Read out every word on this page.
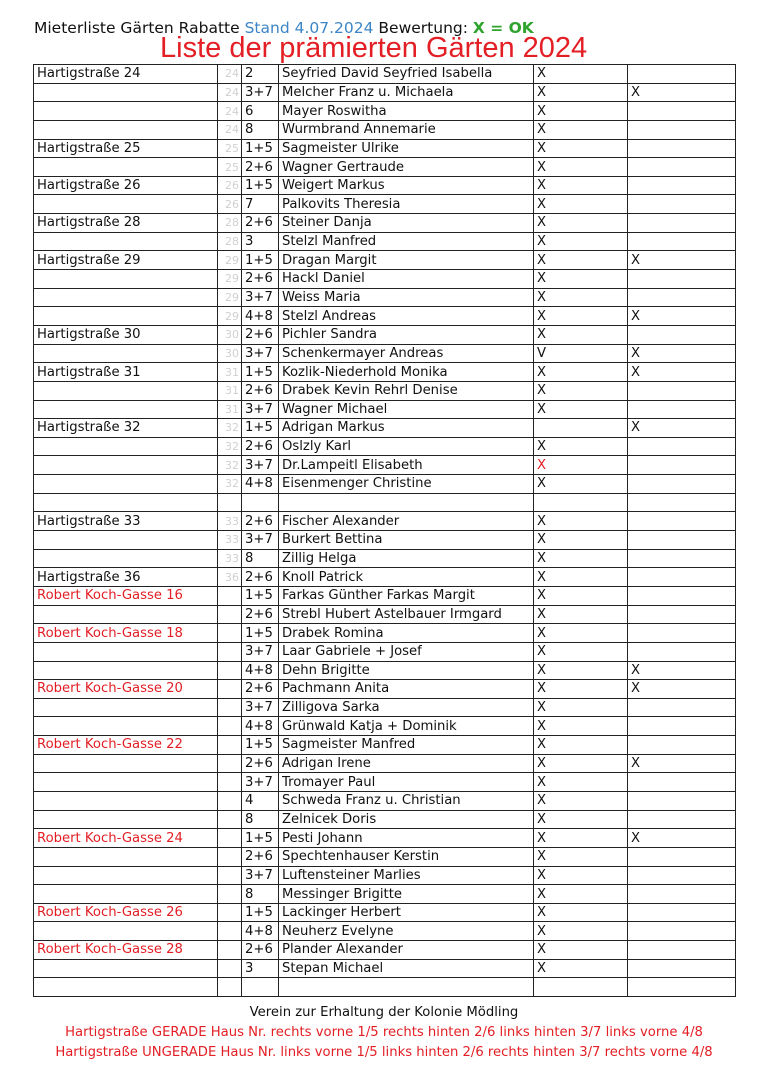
Mieterliste Gärten Rabatte Stand 4.07.2024 Bewertung: X = OK
Liste der prämierten Gärten 2024
Hartigstraße 24	24	2	Seyfried David Seyfried Isabella	X	
	24	3+7	Melcher Franz u. Michaela	X	X
	24	6	Mayer Roswitha	X	
	24	8	Wurmbrand Annemarie	X	
Hartigstraße 25	25	1+5	Sagmeister Ulrike	X	
	25	2+6	Wagner Gertraude	X	
Hartigstraße 26	26	1+5	Weigert Markus	X	
	26	7	Palkovits Theresia	X	
Hartigstraße 28	28	2+6	Steiner Danja	X	
	28	3	Stelzl Manfred	X	
Hartigstraße 29	29	1+5	Dragan Margit	X	X
	29	2+6	Hackl Daniel	X	
	29	3+7	Weiss Maria	X	
	29	4+8	Stelzl Andreas	X	X
Hartigstraße 30	30	2+6	Pichler Sandra	X	
	30	3+7	Schenkermayer Andreas	V	X
Hartigstraße 31	31	1+5	Kozlik-Niederhold Monika	X	X
	31	2+6	Drabek Kevin Rehrl Denise	X	
	31	3+7	Wagner Michael	X	
Hartigstraße 32	32	1+5	Adrigan Markus		X
	32	2+6	Oslzly Karl	X	
	32	3+7	Dr.Lampeitl Elisabeth	X	
	32	4+8	Eisenmenger Christine	X	

Hartigstraße 33	33	2+6	Fischer Alexander	X	
	33	3+7	Burkert Bettina	X	
	33	8	Zillig Helga	X	
Hartigstraße 36	36	2+6	Knoll Patrick	X	
Robert Koch-Gasse 16		1+5	Farkas Günther Farkas Margit	X	
		2+6	Strebl Hubert Astelbauer Irmgard	X	
Robert Koch-Gasse 18		1+5	Drabek Romina	X	
		3+7	Laar Gabriele + Josef	X	
		4+8	Dehn Brigitte	X	X
Robert Koch-Gasse 20		2+6	Pachmann Anita	X	X
		3+7	Zilligova Sarka	X	
		4+8	Grünwald Katja + Dominik	X	
Robert Koch-Gasse 22		1+5	Sagmeister Manfred	X	
		2+6	Adrigan Irene	X	X
		3+7	Tromayer Paul	X	
		4	Schweda Franz u. Christian	X	
		8	Zelnicek Doris	X	
Robert Koch-Gasse 24		1+5	Pesti Johann	X	X
		2+6	Spechtenhauser Kerstin	X	
		3+7	Luftensteiner Marlies	X	
		8	Messinger Brigitte	X	
Robert Koch-Gasse 26		1+5	Lackinger Herbert	X	
		4+8	Neuherz Evelyne	X	
Robert Koch-Gasse 28		2+6	Plander Alexander	X	
		3	Stepan Michael	X	

Verein zur Erhaltung der Kolonie Mödling
Hartigstraße GERADE Haus Nr. rechts vorne 1/5 rechts hinten 2/6 links hinten 3/7 links vorne 4/8
Hartigstraße UNGERADE Haus Nr. links vorne 1/5 links hinten 2/6 rechts hinten 3/7 rechts vorne 4/8
